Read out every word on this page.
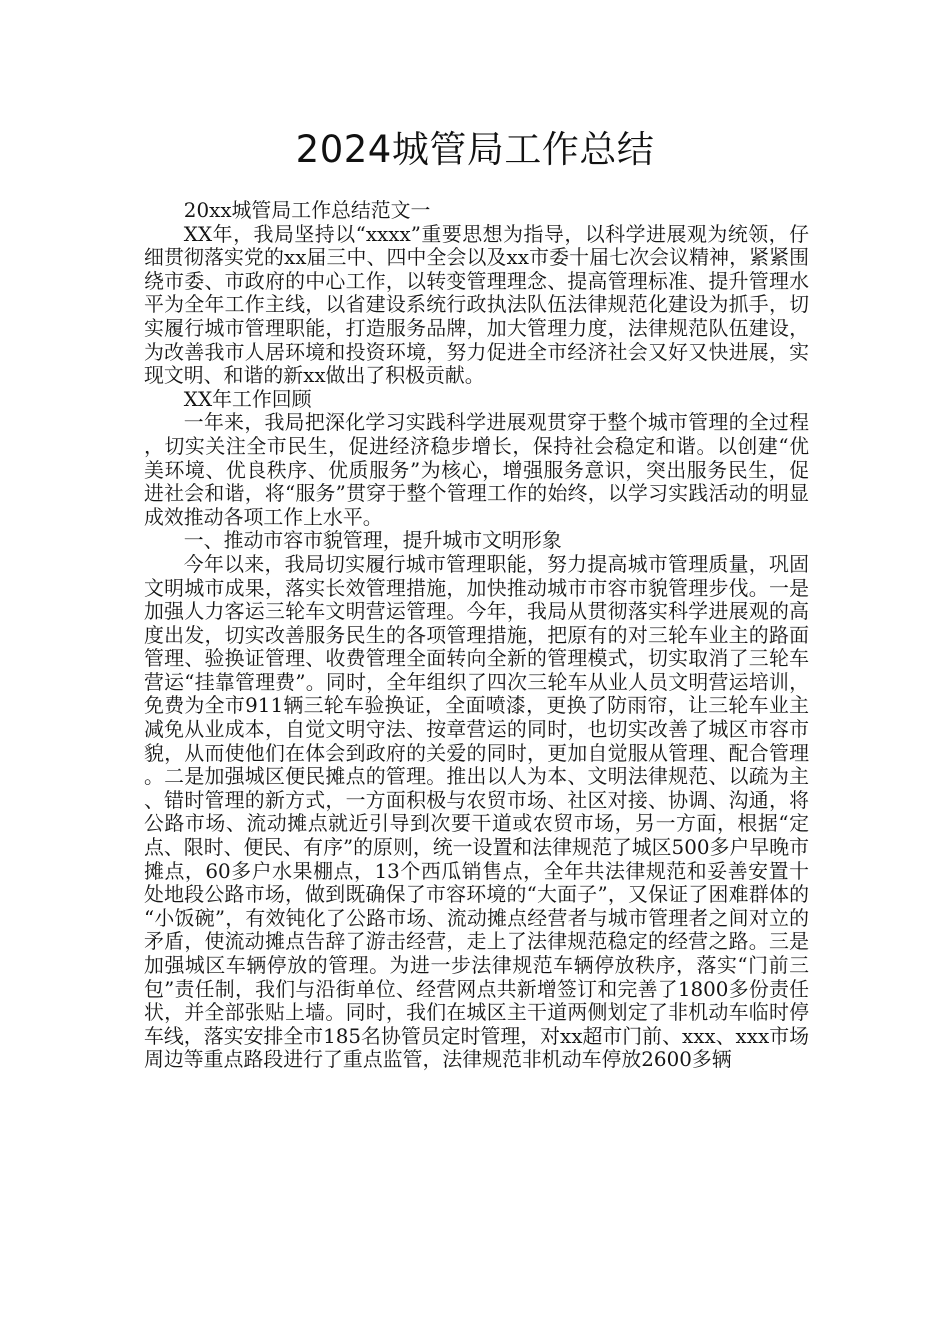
2024城管局工作总结

20xx城管局工作总结范文一

XX年，我局坚持以“xxxx”重要思想为指导，以科学进展观为统领，仔细贯彻落实党的xx届三中、四中全会以及xx市委十届七次会议精神，紧紧围绕市委、市政府的中心工作，以转变管理理念、提高管理标准、提升管理水平为全年工作主线，以省建设系统行政执法队伍法律规范化建设为抓手，切实履行城市管理职能，打造服务品牌，加大管理力度，法律规范队伍建设，为改善我市人居环境和投资环境，努力促进全市经济社会又好又快进展，实现文明、和谐的新xx做出了积极贡献。

XX年工作回顾

一年来，我局把深化学习实践科学进展观贯穿于整个城市管理的全过程，切实关注全市民生，促进经济稳步增长，保持社会稳定和谐。以创建“优美环境、优良秩序、优质服务”为核心，增强服务意识，突出服务民生，促进社会和谐，将“服务”贯穿于整个管理工作的始终，以学习实践活动的明显成效推动各项工作上水平。

一、推动市容市貌管理，提升城市文明形象

今年以来，我局切实履行城市管理职能，努力提高城市管理质量，巩固文明城市成果，落实长效管理措施，加快推动城市市容市貌管理步伐。一是加强人力客运三轮车文明营运管理。今年，我局从贯彻落实科学进展观的高度出发，切实改善服务民生的各项管理措施，把原有的对三轮车业主的路面管理、验换证管理、收费管理全面转向全新的管理模式，切实取消了三轮车营运“挂靠管理费”。同时，全年组织了四次三轮车从业人员文明营运培训，免费为全市911辆三轮车验换证，全面喷漆，更换了防雨帘，让三轮车业主减免从业成本，自觉文明守法、按章营运的同时，也切实改善了城区市容市貌，从而使他们在体会到政府的关爱的同时，更加自觉服从管理、配合管理。二是加强城区便民摊点的管理。推出以人为本、文明法律规范、以疏为主、错时管理的新方式，一方面积极与农贸市场、社区对接、协调、沟通，将公路市场、流动摊点就近引导到次要干道或农贸市场，另一方面，根据“定点、限时、便民、有序”的原则，统一设置和法律规范了城区500多户早晚市摊点，60多户水果棚点，13个西瓜销售点，全年共法律规范和妥善安置十处地段公路市场，做到既确保了市容环境的“大面子”，又保证了困难群体的“小饭碗”，有效钝化了公路市场、流动摊点经营者与城市管理者之间对立的矛盾，使流动摊点告辞了游击经营，走上了法律规范稳定的经营之路。三是加强城区车辆停放的管理。为进一步法律规范车辆停放秩序，落实“门前三包”责任制，我们与沿街单位、经营网点共新增签订和完善了1800多份责任状，并全部张贴上墙。同时，我们在城区主干道两侧划定了非机动车临时停车线，落实安排全市185名协管员定时管理，对xx超市门前、xxx、xxx市场周边等重点路段进行了重点监管，法律规范非机动车停放2600多辆
